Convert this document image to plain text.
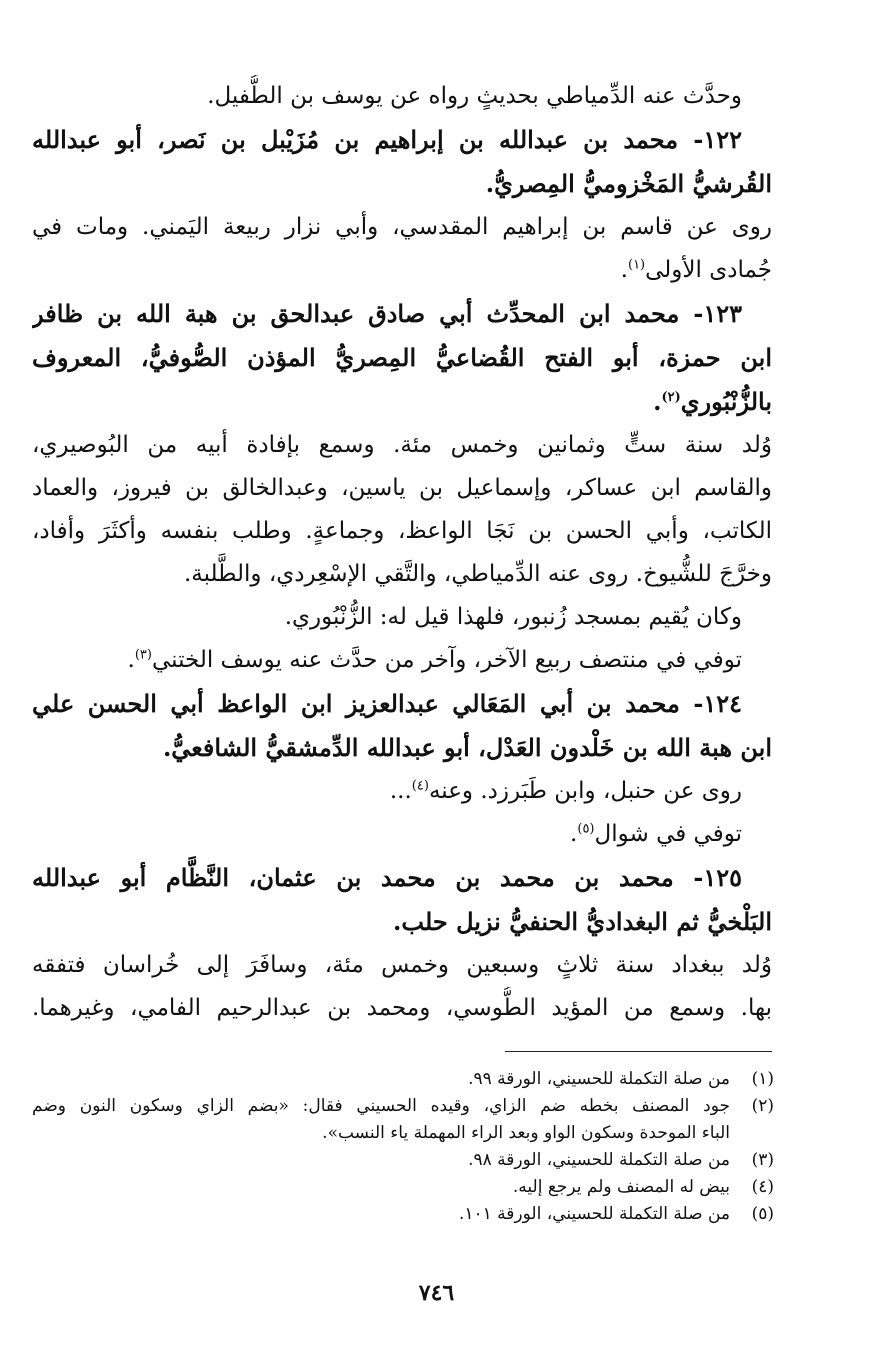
وحدَّث عنه الدِّمياطي بحديثٍ رواه عن يوسف بن الطُّفيل.
١٢٢- محمد بن عبدالله بن إبراهيم بن مُزَيْبل بن نَصر، أبو عبدالله
القُرشيُّ المَخْزوميُّ المِصريُّ.
روى عن قاسم بن إبراهيم المقدسي، وأبي نزار ربيعة اليَمني. ومات في
جُمادى الأولى$^{(١)}$.
١٢٣- محمد ابن المحدِّث أبي صادق عبدالحق بن هبة الله بن ظافر
ابن حمزة، أبو الفتح القُضاعيُّ المِصريُّ المؤذن الصُّوفيُّ، المعروف
بالزُّنْبُوري$^{(٢)}$.
وُلد سنة ستٍّ وثمانين وخمس مئة. وسمع بإفادة أبيه من البُوصيري،
والقاسم ابن عساكر، وإسماعيل بن ياسين، وعبدالخالق بن فيروز، والعماد
الكاتب، وأبي الحسن بن نَجَا الواعظ، وجماعةٍ. وطلب بنفسه وأكثَرَ وأفاد،
وخرَّجَ للشُّيوخ. روى عنه الدِّمياطي، والتَّقي الإسْعِردي، والطَّلبة.
وكان يُقيم بمسجد زُنبور، فلهذا قيل له: الزُّنْبُوري.
توفي في منتصف ربيع الآخر، وآخر من حدَّث عنه يوسف الختني$^{(٣)}$.
١٢٤- محمد بن أبي المَعَالي عبدالعزيز ابن الواعظ أبي الحسن علي
ابن هبة الله بن خَلْدون العَدْل، أبو عبدالله الدِّمشقيُّ الشافعيُّ.
روى عن حنبل، وابن طَبَرزد. وعنه$^{(٤)}$...
توفي في شوال$^{(٥)}$.
١٢٥- محمد بن محمد بن محمد بن عثمان، النَّظَّام أبو عبدالله
البَلْخيُّ ثم البغداديُّ الحنفيُّ نزيل حلب.
وُلد ببغداد سنة ثلاثٍ وسبعين وخمس مئة، وسافَرَ إلى خُراسان فتفقه
بها. وسمع من المؤيد الطُّوسي، ومحمد بن عبدالرحيم الفامي، وغيرهما.
(١)
من صلة التكملة للحسيني، الورقة ٩٩.
(٢)
جود المصنف بخطه ضم الزاي، وقيده الحسيني فقال: «بضم الزاي وسكون النون وضم
الباء الموحدة وسكون الواو وبعد الراء المهملة ياء النسب».
(٣)
من صلة التكملة للحسيني، الورقة ٩٨.
(٤)
بيض له المصنف ولم يرجع إليه.
(٥)
من صلة التكملة للحسيني، الورقة ١٠١.
٧٤٦
